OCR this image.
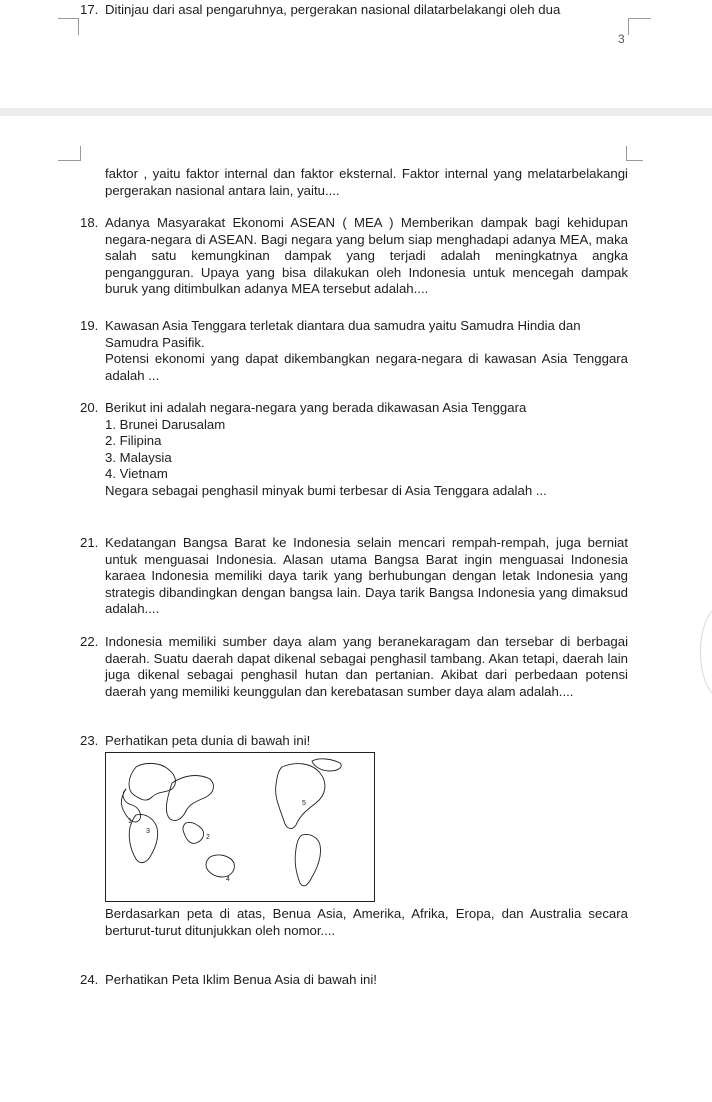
17. Ditinjau dari asal pengaruhnya, pergerakan nasional dilatarbelakangi oleh dua

3

faktor , yaitu faktor internal dan faktor eksternal. Faktor internal yang melatarbelakangi pergerakan nasional antara lain, yaitu....

18. Adanya Masyarakat Ekonomi ASEAN ( MEA ) Memberikan dampak bagi kehidupan negara-negara di ASEAN. Bagi negara yang belum siap menghadapi adanya MEA, maka salah satu kemungkinan dampak yang terjadi adalah meningkatnya angka pengangguran. Upaya yang bisa dilakukan oleh Indonesia untuk mencegah dampak buruk yang ditimbulkan adanya MEA tersebut adalah....

19. Kawasan Asia Tenggara terletak diantara dua samudra yaitu Samudra Hindia dan Samudra Pasifik.

Potensi ekonomi yang dapat dikembangkan negara-negara di kawasan Asia Tenggara adalah ...

20. Berikut ini adalah negara-negara yang berada dikawasan Asia Tenggara

1. Brunei Darusalam
2. Filipina
3. Malaysia
4. Vietnam

Negara sebagai penghasil minyak bumi terbesar di Asia Tenggara adalah ...

21. Kedatangan Bangsa Barat ke Indonesia selain mencari rempah-rempah, juga berniat untuk menguasai Indonesia. Alasan utama Bangsa Barat ingin menguasai Indonesia karaea Indonesia memiliki daya tarik yang berhubungan dengan letak Indonesia yang strategis dibandingkan dengan bangsa lain. Daya tarik Bangsa Indonesia yang dimaksud adalah....

22. Indonesia memiliki sumber daya alam yang beranekaragam dan tersebar di berbagai daerah. Suatu daerah dapat dikenal sebagai penghasil tambang. Akan tetapi, daerah lain juga dikenal sebagai penghasil hutan dan pertanian. Akibat dari perbedaan potensi daerah yang memiliki keunggulan dan kerebatasan sumber daya alam adalah....

23. Perhatikan peta dunia di bawah ini!

1
2
3
4
5

Berdasarkan peta di atas, Benua Asia, Amerika, Afrika, Eropa, dan Australia secara berturut-turut ditunjukkan oleh nomor....

24. Perhatikan Peta Iklim Benua Asia di bawah ini!
